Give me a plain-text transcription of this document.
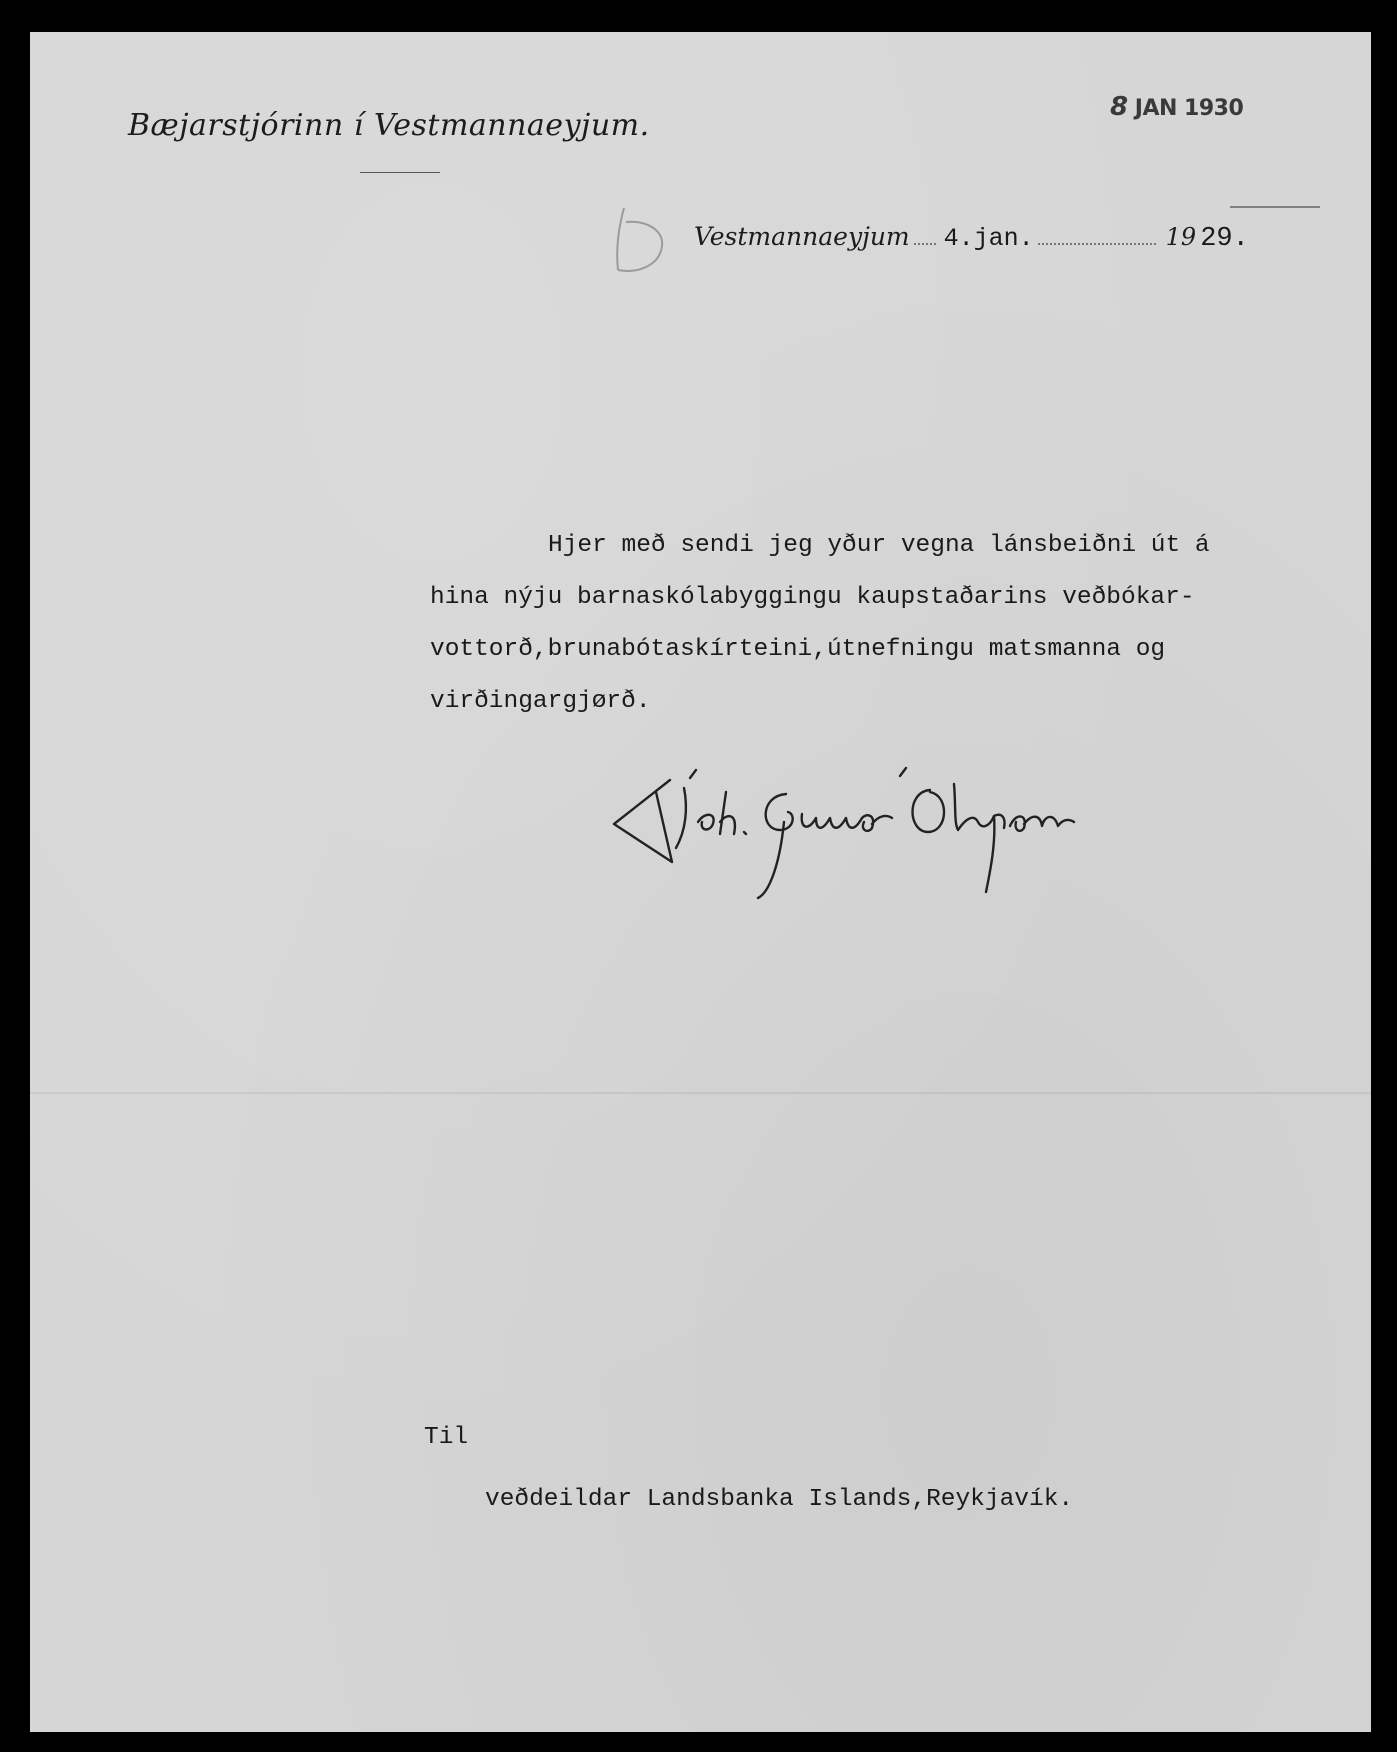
Bæjarstjórinn í Vestmannaeyjum.
8 JAN 1930
Vestmannaeyjum 4.jan.	19 29.
Hjer með sendi jeg yður vegna lánsbeiðni út á
hina nýju barnaskólabyggingu kaupstaðarins veðbókar-
vottorð,brunabótaskírteini,útnefningu matsmanna og
virðingargjørð.
Til
veðdeildar Landsbanka Islands,Reykjavík.
